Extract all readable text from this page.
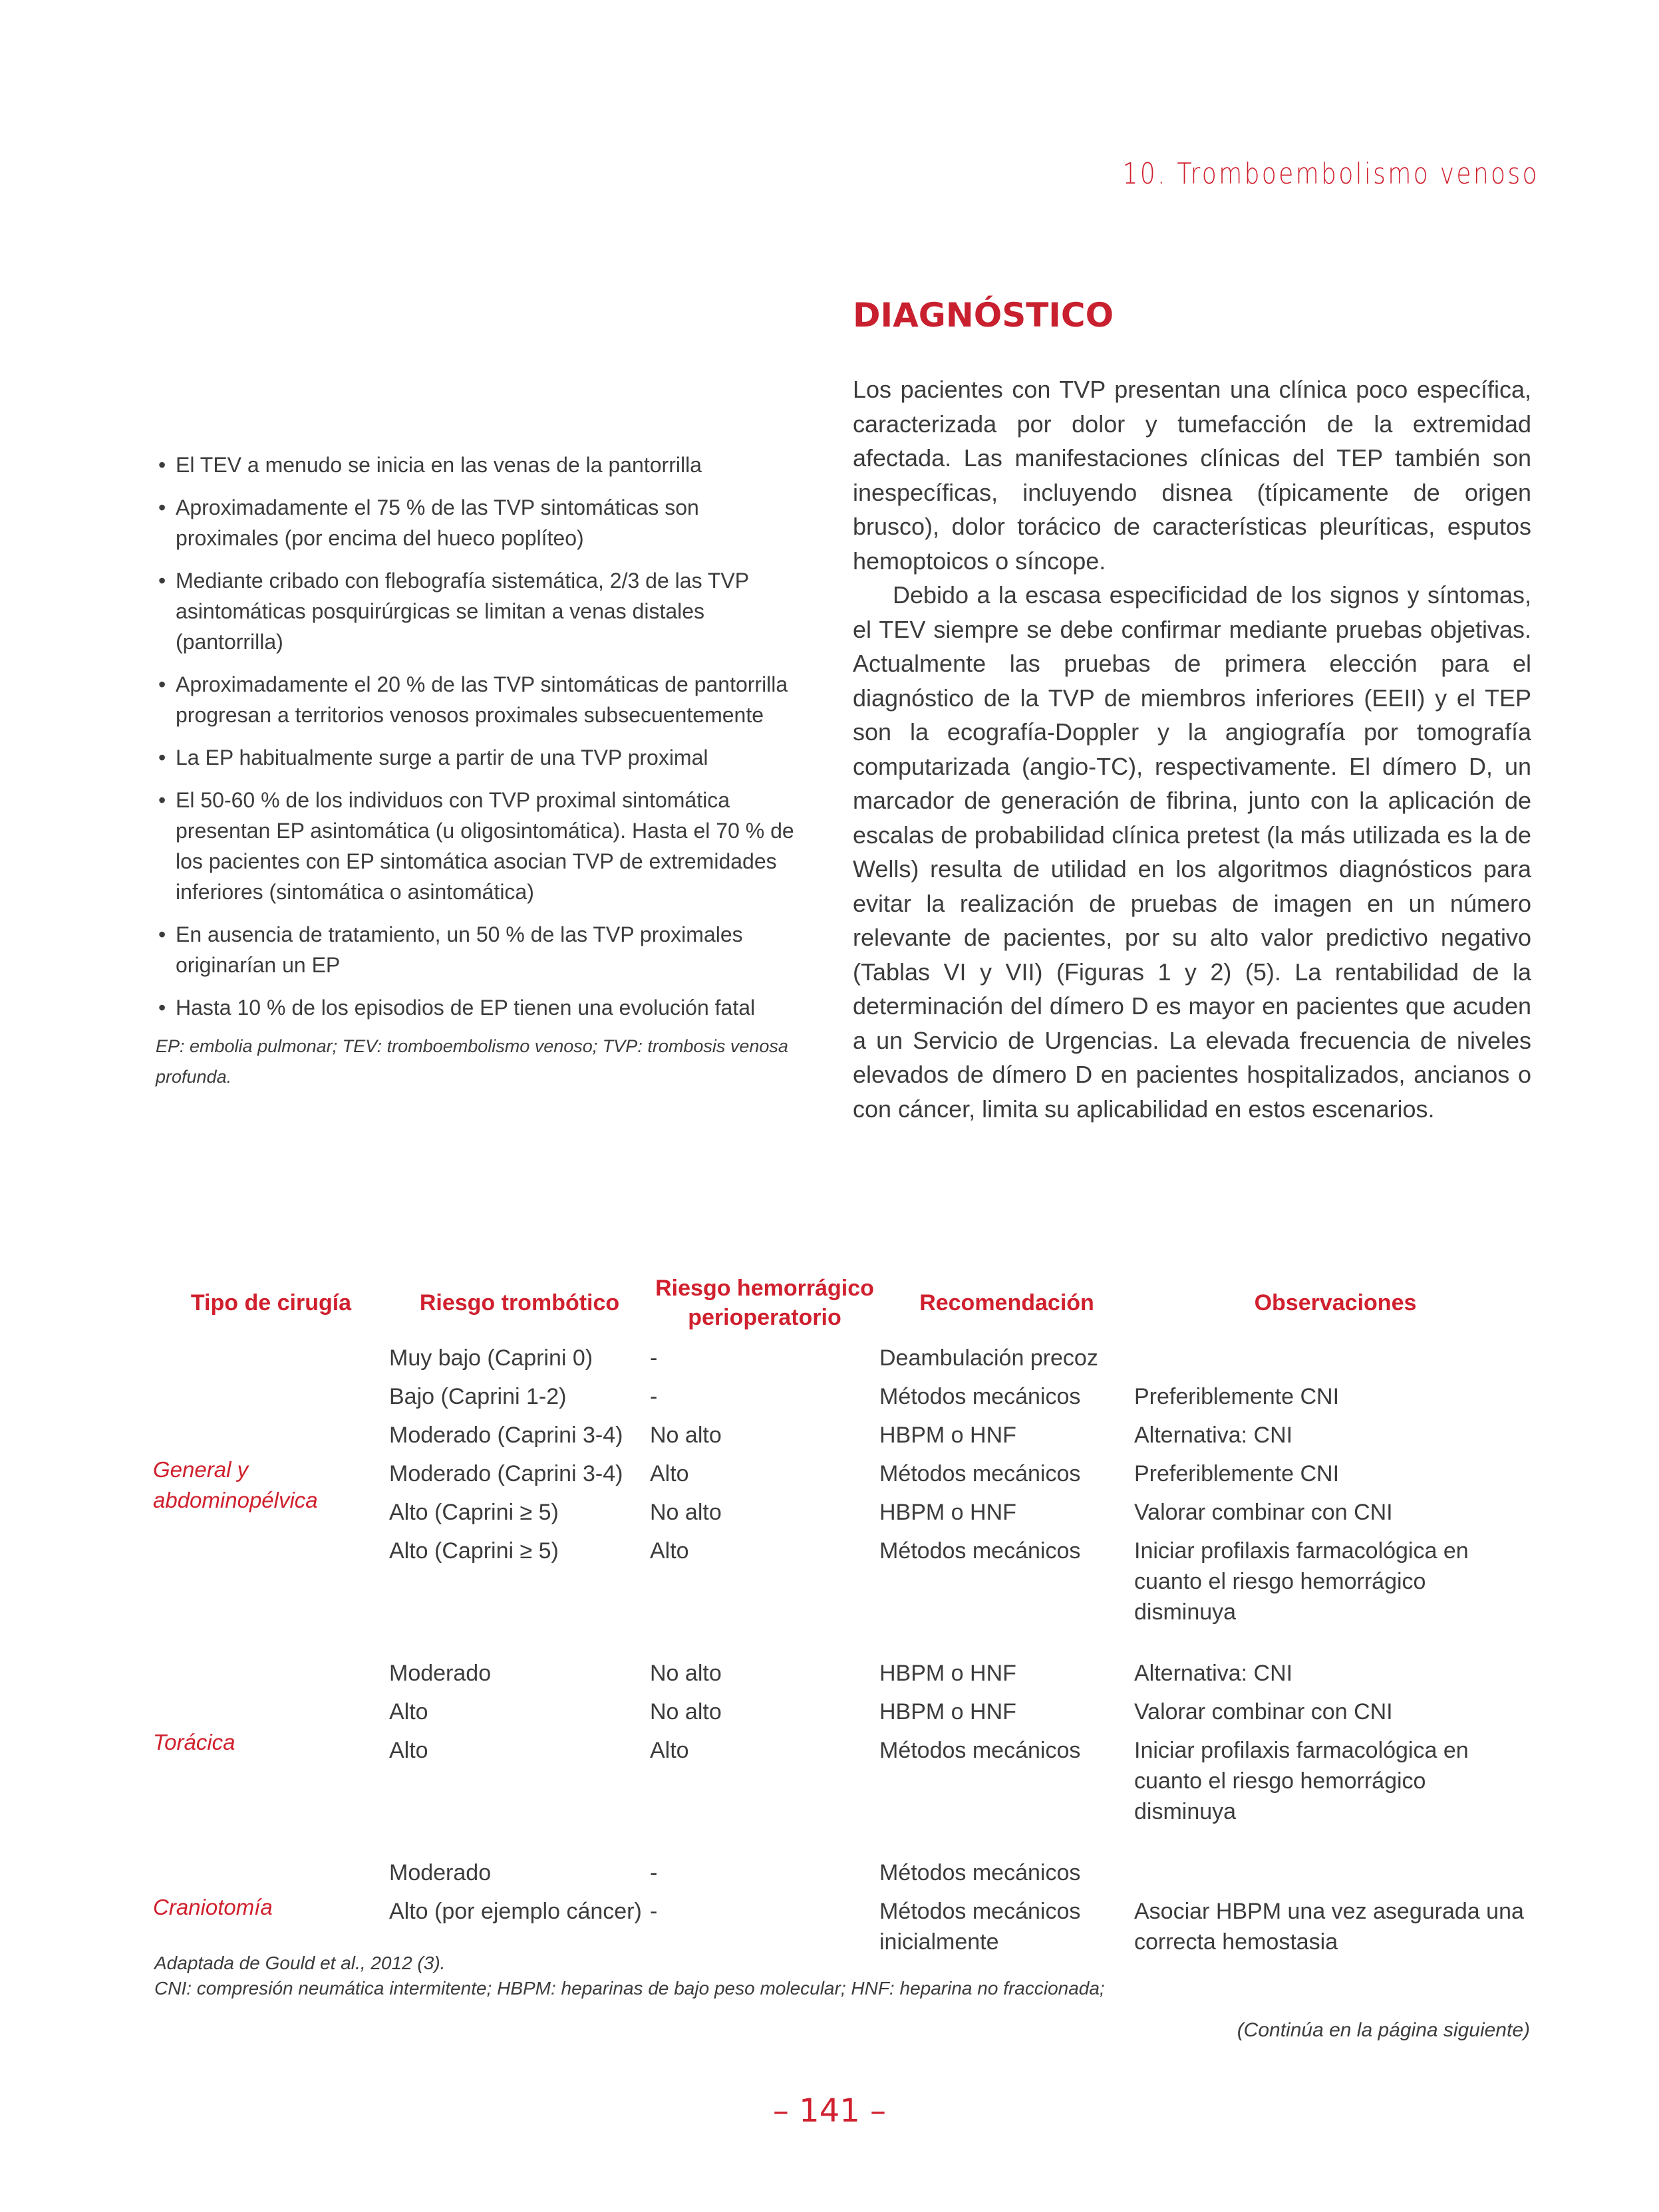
10. Tromboembolismo venoso
DIAGNÓSTICO

Los pacientes con TVP presentan una clínica poco específica, caracterizada por dolor y tumefacción de la extremidad afectada. Las manifestaciones clínicas del TEP también son inespecíficas, incluyendo disnea (típicamente de origen brusco), dolor torácico de características pleuríticas, esputos hemoptoicos o síncope.

Debido a la escasa especificidad de los signos y síntomas, el TEV siempre se debe confirmar mediante pruebas objetivas. Actualmente las pruebas de primera elección para el diagnóstico de la TVP de miembros inferiores (EEII) y el TEP son la ecografía-Doppler y la angiografía por tomografía computarizada (angio-TC), respectivamente. El dímero D, un marcador de generación de fibrina, junto con la aplicación de escalas de probabilidad clínica pretest (la más utilizada es la de Wells) resulta de utilidad en los algoritmos diagnósticos para evitar la realización de pruebas de imagen en un número relevante de pacientes, por su alto valor predictivo negativo (Tablas VI y VII) (Figuras 1 y 2) (5). La rentabilidad de la determinación del dímero D es mayor en pacientes que acuden a un Servicio de Urgencias. La elevada frecuencia de niveles elevados de dímero D en pacientes hospitalizados, ancianos o con cáncer, limita su aplicabilidad en estos escenarios.

• El TEV a menudo se inicia en las venas de la pantorrilla
• Aproximadamente el 75 % de las TVP sintomáticas son proximales (por encima del hueco poplíteo)
• Mediante cribado con flebografía sistemática, 2/3 de las TVP asintomáticas posquirúrgicas se limitan a venas distales (pantorrilla)
• Aproximadamente el 20 % de las TVP sintomáticas de pantorrilla progresan a territorios venosos proximales subsecuentemente
• La EP habitualmente surge a partir de una TVP proximal
• El 50-60 % de los individuos con TVP proximal sintomática presentan EP asintomática (u oligosintomática). Hasta el 70 % de los pacientes con EP sintomática asocian TVP de extremidades inferiores (sintomática o asintomática)
• En ausencia de tratamiento, un 50 % de las TVP proximales originarían un EP
• Hasta 10 % de los episodios de EP tienen una evolución fatal
EP: embolia pulmonar; TEV: tromboembolismo venoso; TVP: trombosis venosa profunda.
Tipo de cirugía	Riesgo trombótico	Riesgo hemorrágico perioperatorio	Recomendación	Observaciones
General y abdominopélvica	Muy bajo (Caprini 0)	-	Deambulación precoz	
	Bajo (Caprini 1-2)	-	Métodos mecánicos	Preferiblemente CNI
	Moderado (Caprini 3-4)	No alto	HBPM o HNF	Alternativa: CNI
	Moderado (Caprini 3-4)	Alto	Métodos mecánicos	Preferiblemente CNI
	Alto (Caprini ≥ 5)	No alto	HBPM o HNF	Valorar combinar con CNI
	Alto (Caprini ≥ 5)	Alto	Métodos mecánicos	Iniciar profilaxis farmacológica en cuanto el riesgo hemorrágico disminuya

Torácica	Moderado	No alto	HBPM o HNF	Alternativa: CNI
	Alto	No alto	HBPM o HNF	Valorar combinar con CNI
	Alto	Alto	Métodos mecánicos	Iniciar profilaxis farmacológica en cuanto el riesgo hemorrágico disminuya

Craniotomía	Moderado	-	Métodos mecánicos	
	Alto (por ejemplo cáncer)	-	Métodos mecánicos inicialmente	Asociar HBPM una vez asegurada una correcta hemostasia
Adaptada de Gould et al., 2012 (3).
CNI: compresión neumática intermitente; HBPM: heparinas de bajo peso molecular; HNF: heparina no fraccionada;
(Continúa en la página siguiente)
– 141 –
